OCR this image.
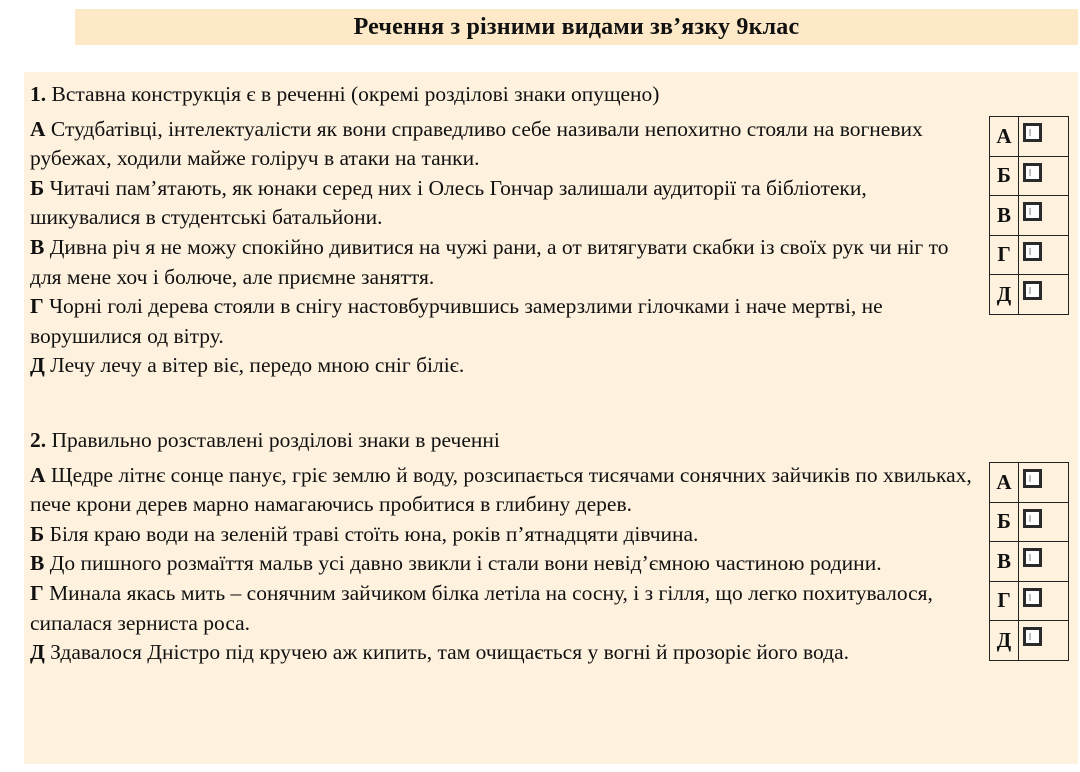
Речення з різними видами зв’язку 9клас

1. Вставна конструкція є в реченні (окремі розділові знаки опущено)

А Студбатівці, інтелектуалісти як вони справедливо себе називали непохитно стояли на вогневих рубежах, ходили майже голіруч в атаки на танки.

Б Читачі пам’ятають, як юнаки серед них і Олесь Гончар залишали аудиторії та бібліотеки, шикувалися в студентські батальйони.

В Дивна річ я не можу спокійно дивитися на чужі рани, а от витягувати скабки із своїх рук чи ніг то для мене хоч і болюче, але приємне заняття.

Г Чорні голі дерева стояли в снігу настовбурчившись замерзлими гілочками і наче мертві, не ворушилися од вітру.

Д Лечу лечу а вітер віє, передо мною сніг біліє.

А
Б
В
Г
Д

2. Правильно розставлені розділові знаки в реченні

А Щедре літнє сонце панує, гріє землю й воду, розсипається тисячами сонячних зайчиків по хвильках, пече крони дерев марно намагаючись пробитися в глибину дерев.

Б Біля краю води на зеленій траві стоїть юна, років п’ятнадцяти дівчина.

В До пишного розмаїття мальв усі давно звикли і стали вони невід’ємною частиною родини.

Г Минала якась мить – сонячним зайчиком білка летіла на сосну, і з гілля, що легко похитувалося, сипалася зерниста роса.

Д Здавалося Дністро під кручею аж кипить, там очищається у вогні й прозоріє його вода.

А
Б
В
Г
Д
